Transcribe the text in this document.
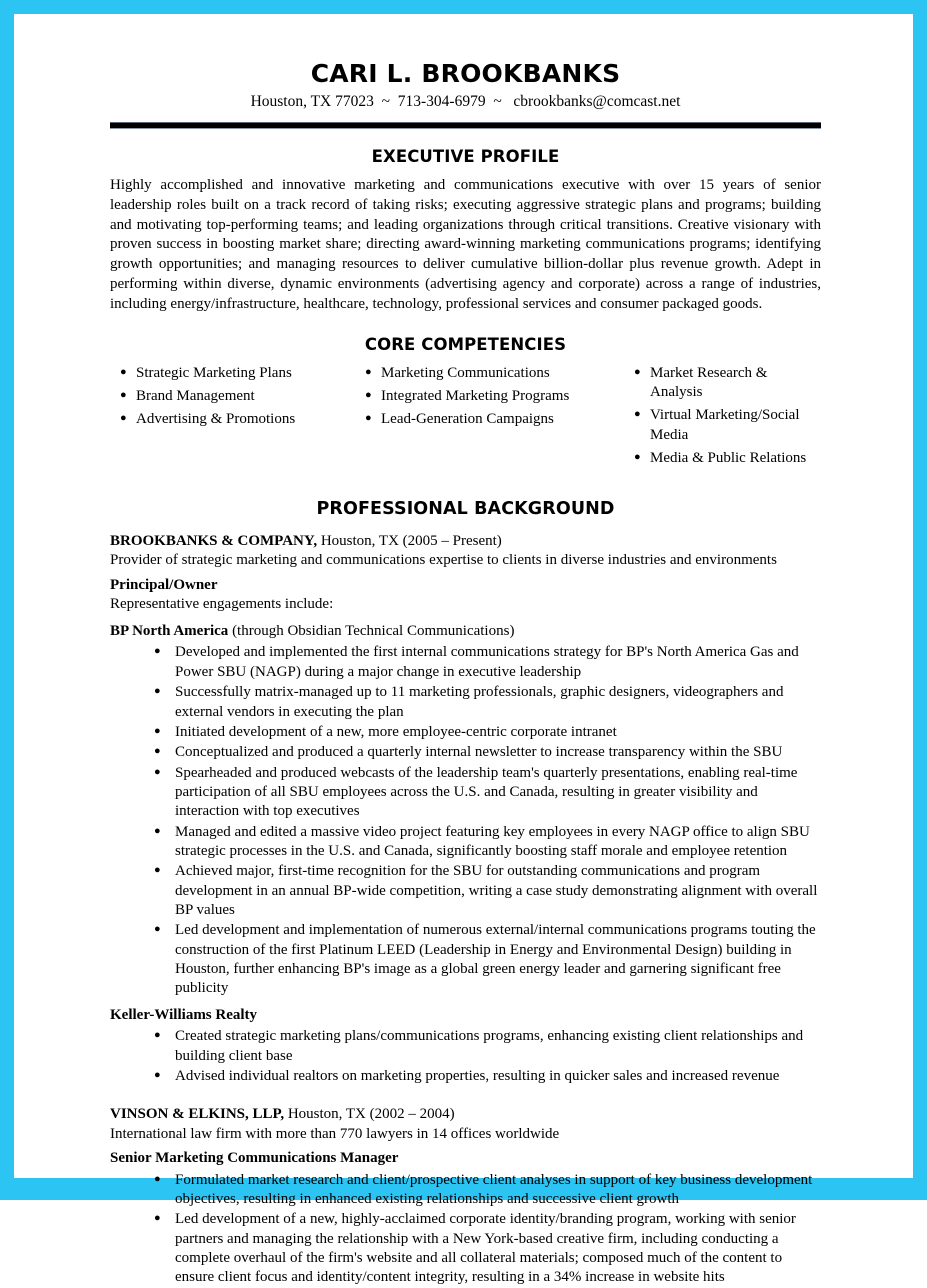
CARI L. BROOKBANKS

Houston, TX 77023  ~  713-304-6979  ~   cbrookbanks@comcast.net

EXECUTIVE PROFILE

Highly accomplished and innovative marketing and communications executive with over 15 years of senior leadership roles built on a track record of taking risks; executing aggressive strategic plans and programs; building and motivating top-performing teams; and leading organizations through critical transitions. Creative visionary with proven success in boosting market share; directing award-winning marketing communications programs; identifying growth opportunities; and managing resources to deliver cumulative billion-dollar plus revenue growth. Adept in performing within diverse, dynamic environments (advertising agency and corporate) across a range of industries, including energy/infrastructure, healthcare, technology, professional services and consumer packaged goods.

CORE COMPETENCIES
● Strategic Marketing Plans
● Brand Management
● Advertising & Promotions
● Marketing Communications
● Integrated Marketing Programs
● Lead-Generation Campaigns
● Market Research & Analysis
● Virtual Marketing/Social Media
● Media & Public Relations
PROFESSIONAL BACKGROUND
BROOKBANKS & COMPANY, Houston, TX (2005 – Present)
Provider of strategic marketing and communications expertise to clients in diverse industries and environments
Principal/Owner
Representative engagements include:
BP North America (through Obsidian Technical Communications)
● Developed and implemented the first internal communications strategy for BP's North America Gas and Power SBU (NAGP) during a major change in executive leadership
● Successfully matrix-managed up to 11 marketing professionals, graphic designers, videographers and external vendors in executing the plan
● Initiated development of a new, more employee-centric corporate intranet
● Conceptualized and produced a quarterly internal newsletter to increase transparency within the SBU
● Spearheaded and produced webcasts of the leadership team's quarterly presentations, enabling real-time participation of all SBU employees across the U.S. and Canada, resulting in greater visibility and interaction with top executives
● Managed and edited a massive video project featuring key employees in every NAGP office to align SBU strategic processes in the U.S. and Canada, significantly boosting staff morale and employee retention
● Achieved major, first-time recognition for the SBU for outstanding communications and program development in an annual BP-wide competition, writing a case study demonstrating alignment with overall BP values
● Led development and implementation of numerous external/internal communications programs touting the construction of the first Platinum LEED (Leadership in Energy and Environmental Design) building in Houston, further enhancing BP's image as a global green energy leader and garnering significant free publicity
Keller-Williams Realty
● Created strategic marketing plans/communications programs, enhancing existing client relationships and building client base
● Advised individual realtors on marketing properties, resulting in quicker sales and increased revenue
VINSON & ELKINS, LLP, Houston, TX (2002 – 2004)
International law firm with more than 770 lawyers in 14 offices worldwide
Senior Marketing Communications Manager
● Formulated market research and client/prospective client analyses in support of key business development objectives, resulting in enhanced existing relationships and successive client growth
● Led development of a new, highly-acclaimed corporate identity/branding program, working with senior partners and managing the relationship with a New York-based creative firm, including conducting a complete overhaul of the firm's website and all collateral materials; composed much of the content to ensure client focus and identity/content integrity, resulting in a 34% increase in website hits
